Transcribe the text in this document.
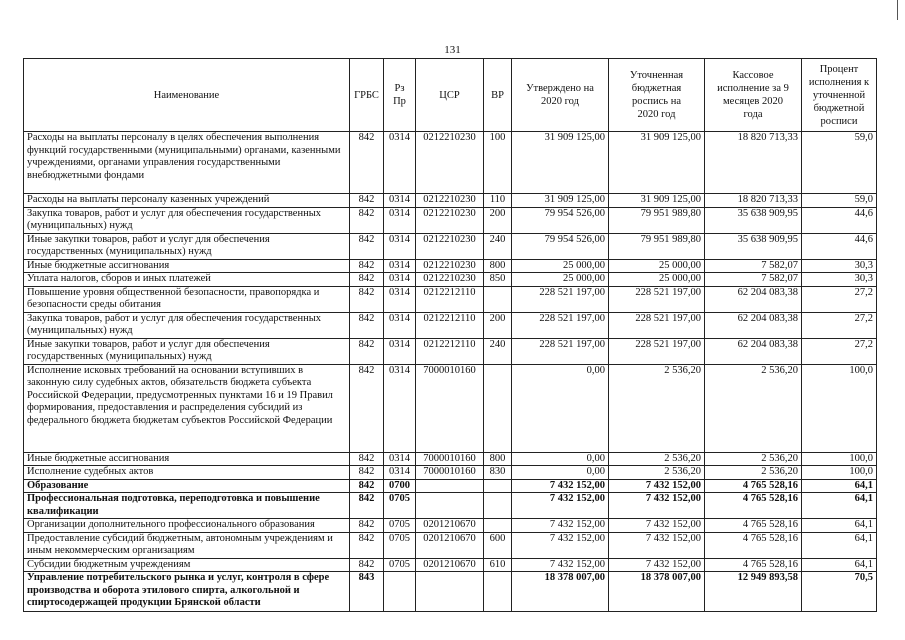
131
Наименование	ГРБС	Рз Пр	ЦСР	ВР	Утверждено на 2020 год	Уточненная бюджетная роспись на 2020 год	Кассовое исполнение за 9 месяцев 2020 года	Процент исполнения к уточненной бюджетной росписи
Расходы на выплаты персоналу в целях обеспечения выполнения функций государственными (муниципальными) органами, казенными учреждениями, органами управления государственными внебюджетными фондами	842	0314	0212210230	100	31 909 125,00	31 909 125,00	18 820 713,33	59,0
Расходы на выплаты персоналу казенных учреждений	842	0314	0212210230	110	31 909 125,00	31 909 125,00	18 820 713,33	59,0
Закупка товаров, работ и услуг для обеспечения государственных (муниципальных) нужд	842	0314	0212210230	200	79 954 526,00	79 951 989,80	35 638 909,95	44,6
Иные закупки товаров, работ и услуг для обеспечения государственных (муниципальных) нужд	842	0314	0212210230	240	79 954 526,00	79 951 989,80	35 638 909,95	44,6
Иные бюджетные ассигнования	842	0314	0212210230	800	25 000,00	25 000,00	7 582,07	30,3
Уплата налогов, сборов и иных платежей	842	0314	0212210230	850	25 000,00	25 000,00	7 582,07	30,3
Повышение уровня общественной безопасности, правопорядка и безопасности среды обитания	842	0314	0212212110		228 521 197,00	228 521 197,00	62 204 083,38	27,2
Закупка товаров, работ и услуг для обеспечения государственных (муниципальных) нужд	842	0314	0212212110	200	228 521 197,00	228 521 197,00	62 204 083,38	27,2
Иные закупки товаров, работ и услуг для обеспечения государственных (муниципальных) нужд	842	0314	0212212110	240	228 521 197,00	228 521 197,00	62 204 083,38	27,2
Исполнение исковых требований на основании вступивших в законную силу судебных актов, обязательств бюджета субъекта Российской Федерации, предусмотренных пунктами 16 и 19 Правил формирования, предоставления и распределения субсидий из федерального бюджета бюджетам субъектов Российской Федерации	842	0314	7000010160		0,00	2 536,20	2 536,20	100,0
Иные бюджетные ассигнования	842	0314	7000010160	800	0,00	2 536,20	2 536,20	100,0
Исполнение судебных актов	842	0314	7000010160	830	0,00	2 536,20	2 536,20	100,0
Образование	842	0700			7 432 152,00	7 432 152,00	4 765 528,16	64,1
Профессиональная подготовка, переподготовка и повышение квалификации	842	0705			7 432 152,00	7 432 152,00	4 765 528,16	64,1
Организации дополнительного профессионального образования	842	0705	0201210670		7 432 152,00	7 432 152,00	4 765 528,16	64,1
Предоставление субсидий бюджетным, автономным учреждениям и иным некоммерческим организациям	842	0705	0201210670	600	7 432 152,00	7 432 152,00	4 765 528,16	64,1
Субсидии бюджетным учреждениям	842	0705	0201210670	610	7 432 152,00	7 432 152,00	4 765 528,16	64,1
Управление потребительского рынка и услуг, контроля в сфере производства и оборота этилового спирта, алкогольной и спиртосодержащей продукции Брянской области	843				18 378 007,00	18 378 007,00	12 949 893,58	70,5
